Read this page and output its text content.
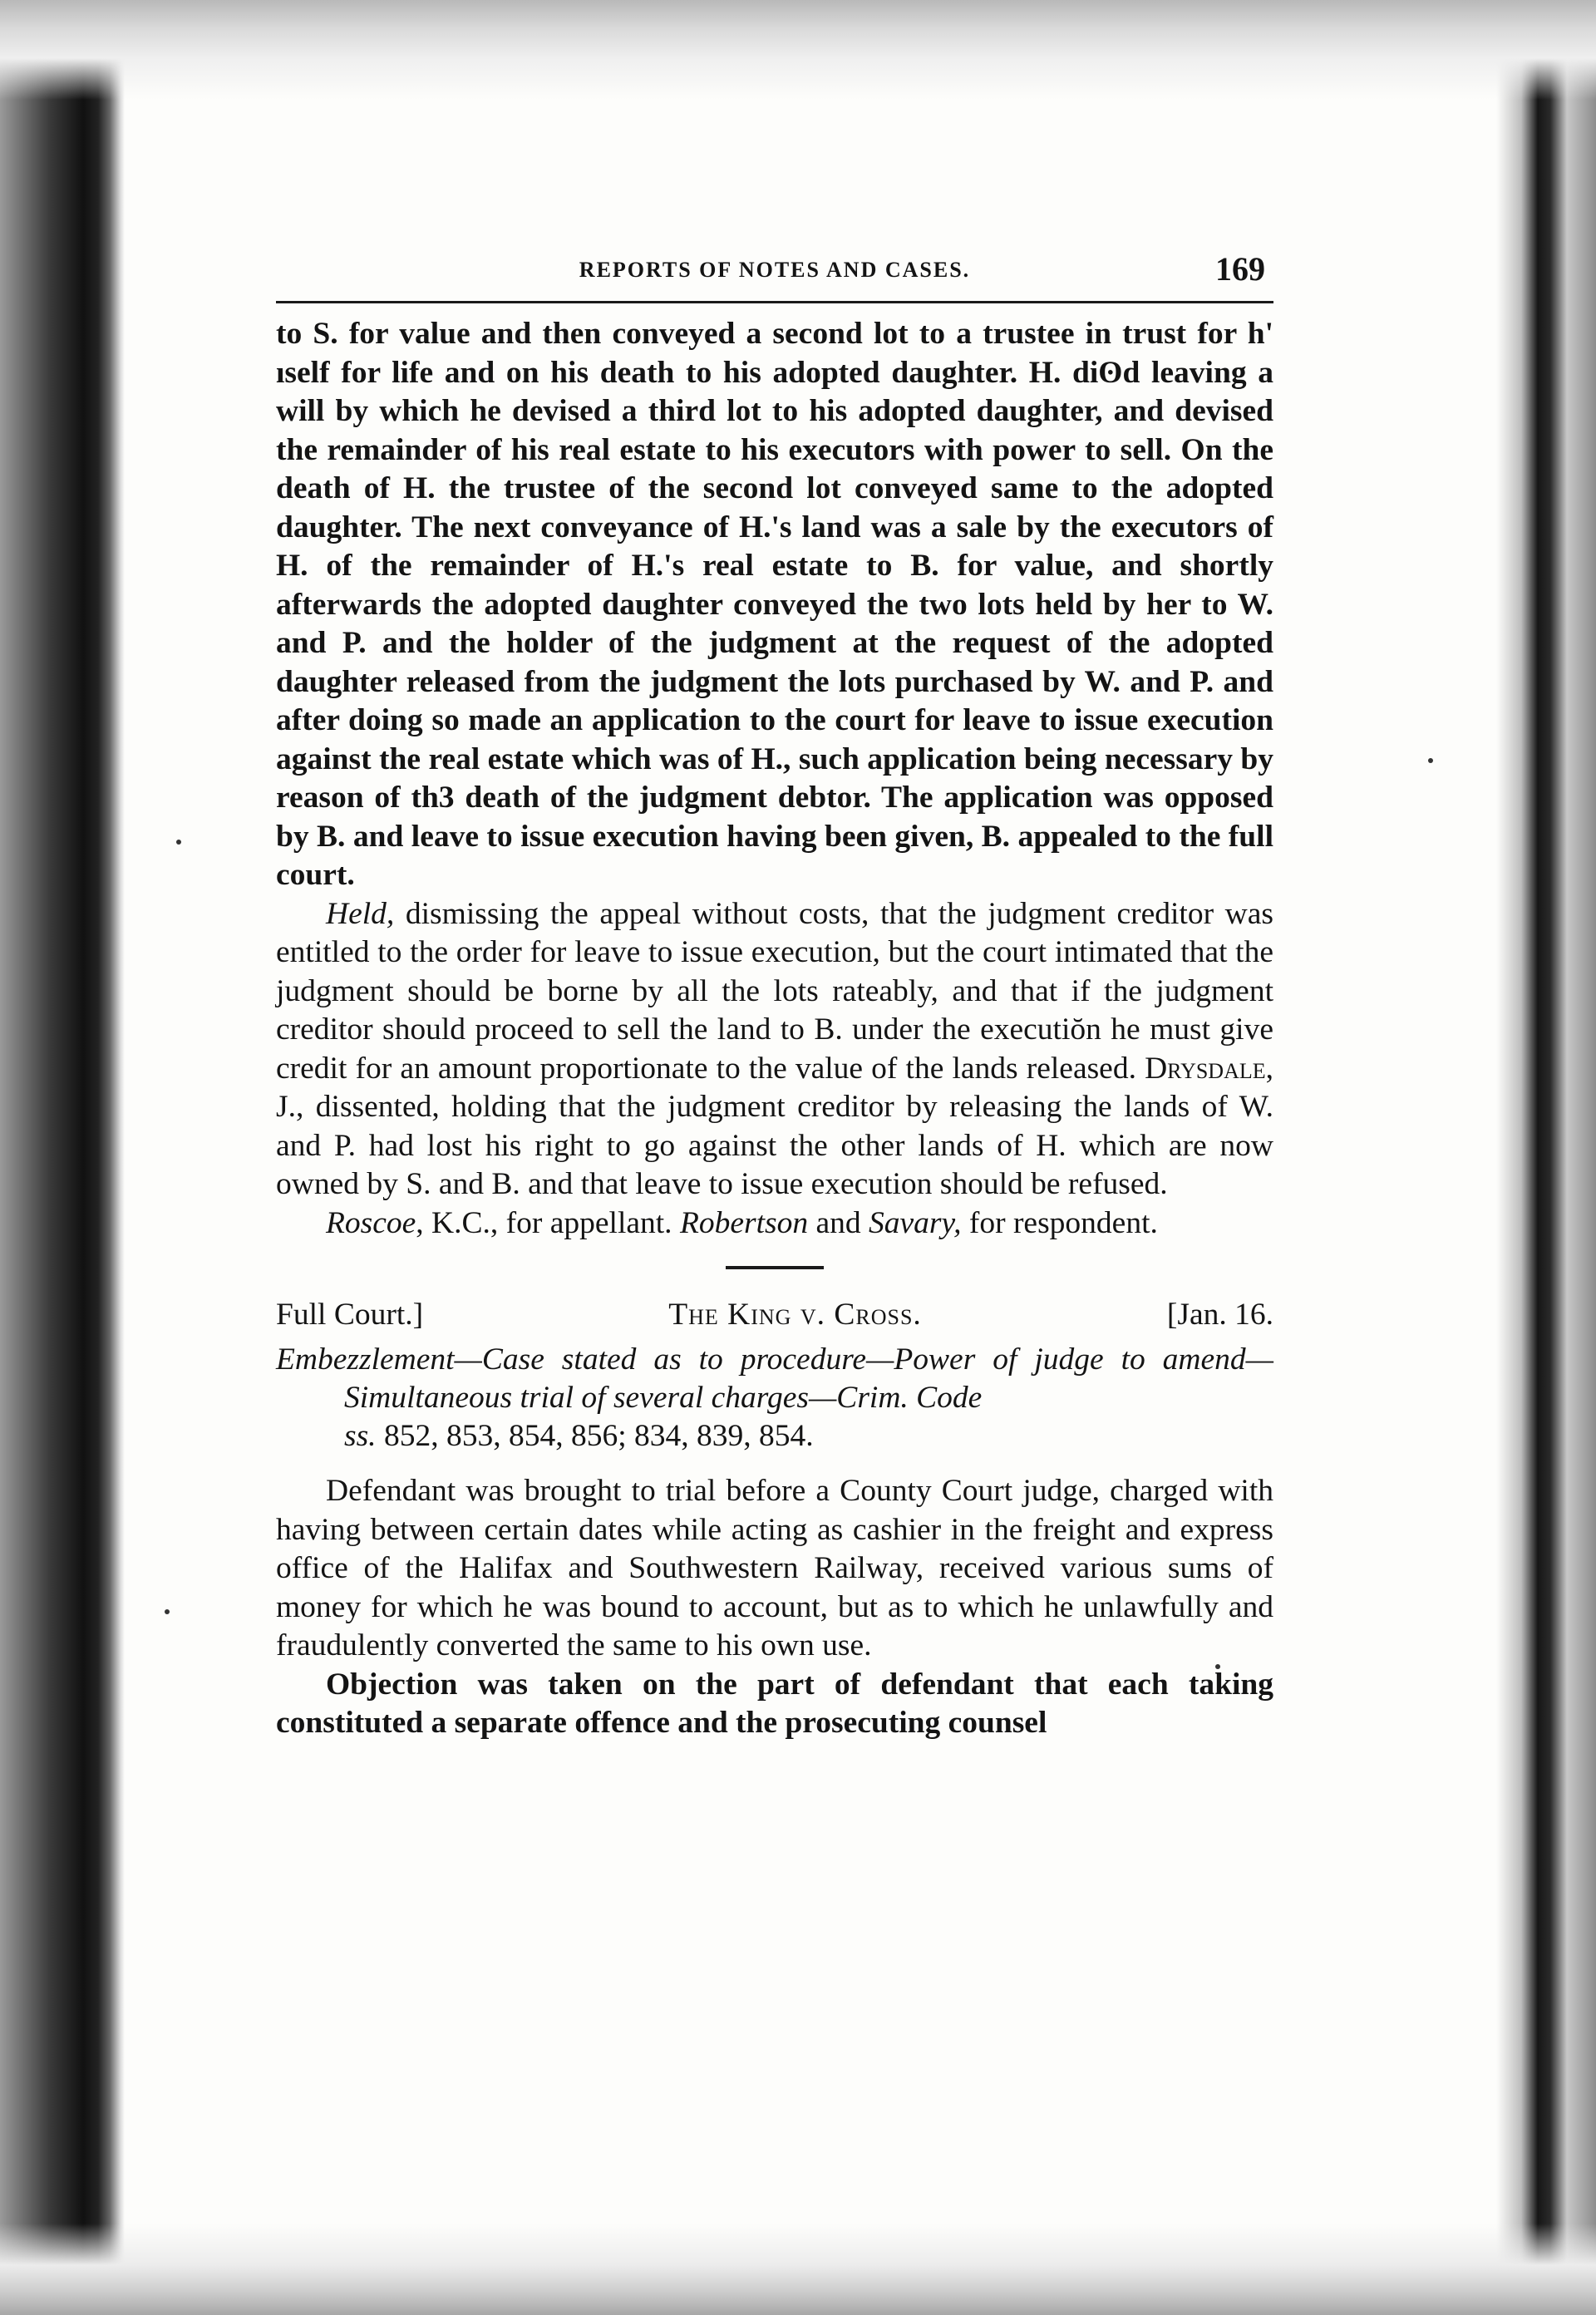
REPORTS OF NOTES AND CASES.	169

to S. for value and then conveyed a second lot to a trustee in trust for h' ıself for life and on his death to his adopted daughter. H. diʘd leaving a will by which he devised a third lot to his adopted daughter, and devised the remainder of his real estate to his executors with power to sell. On the death of H. the trustee of the second lot conveyed same to the adopted daughter. The next conveyance of H.'s land was a sale by the executors of H. of the remainder of H.'s real estate to B. for value, and shortly afterwards the adopted daughter conveyed the two lots held by her to W. and P. and the holder of the judgment at the request of the adopted daughter released from the judgment the lots purchased by W. and P. and after doing so made an application to the court for leave to issue execution against the real estate which was of H., such application being necessary by reason of th3 death of the judgment debtor. The application was opposed by B. and leave to issue execution having been given, B. appealed to the full court.

Held, dismissing the appeal without costs, that the judgment creditor was entitled to the order for leave to issue execution, but the court intimated that the judgment should be borne by all the lots rateably, and that if the judgment creditor should proceed to sell the land to B. under the executiŏn he must give credit for an amount proportionate to the value of the lands released. Drysdale, J., dissented, holding that the judgment creditor by releasing the lands of W. and P. had lost his right to go against the other lands of H. which are now owned by S. and B. and that leave to issue execution should be refused.

Roscoe, K.C., for appellant. Robertson and Savary, for respondent.

Full Court.]	The King v. Cross.	[Jan. 16.
Embezzlement—Case stated as to procedure—Power of judge to amend—Simultaneous trial of several charges—Crim. Code
ss. 852, 853, 854, 856; 834, 839, 854.

Defendant was brought to trial before a County Court judge, charged with having between certain dates while acting as cashier in the freight and express office of the Halifax and Southwestern Railway, received various sums of money for which he was bound to account, but as to which he unlawfully and fraudulently converted the same to his own use.

Objection was taken on the part of defendant that each taking constituted a separate offence and the prosecuting counsel
